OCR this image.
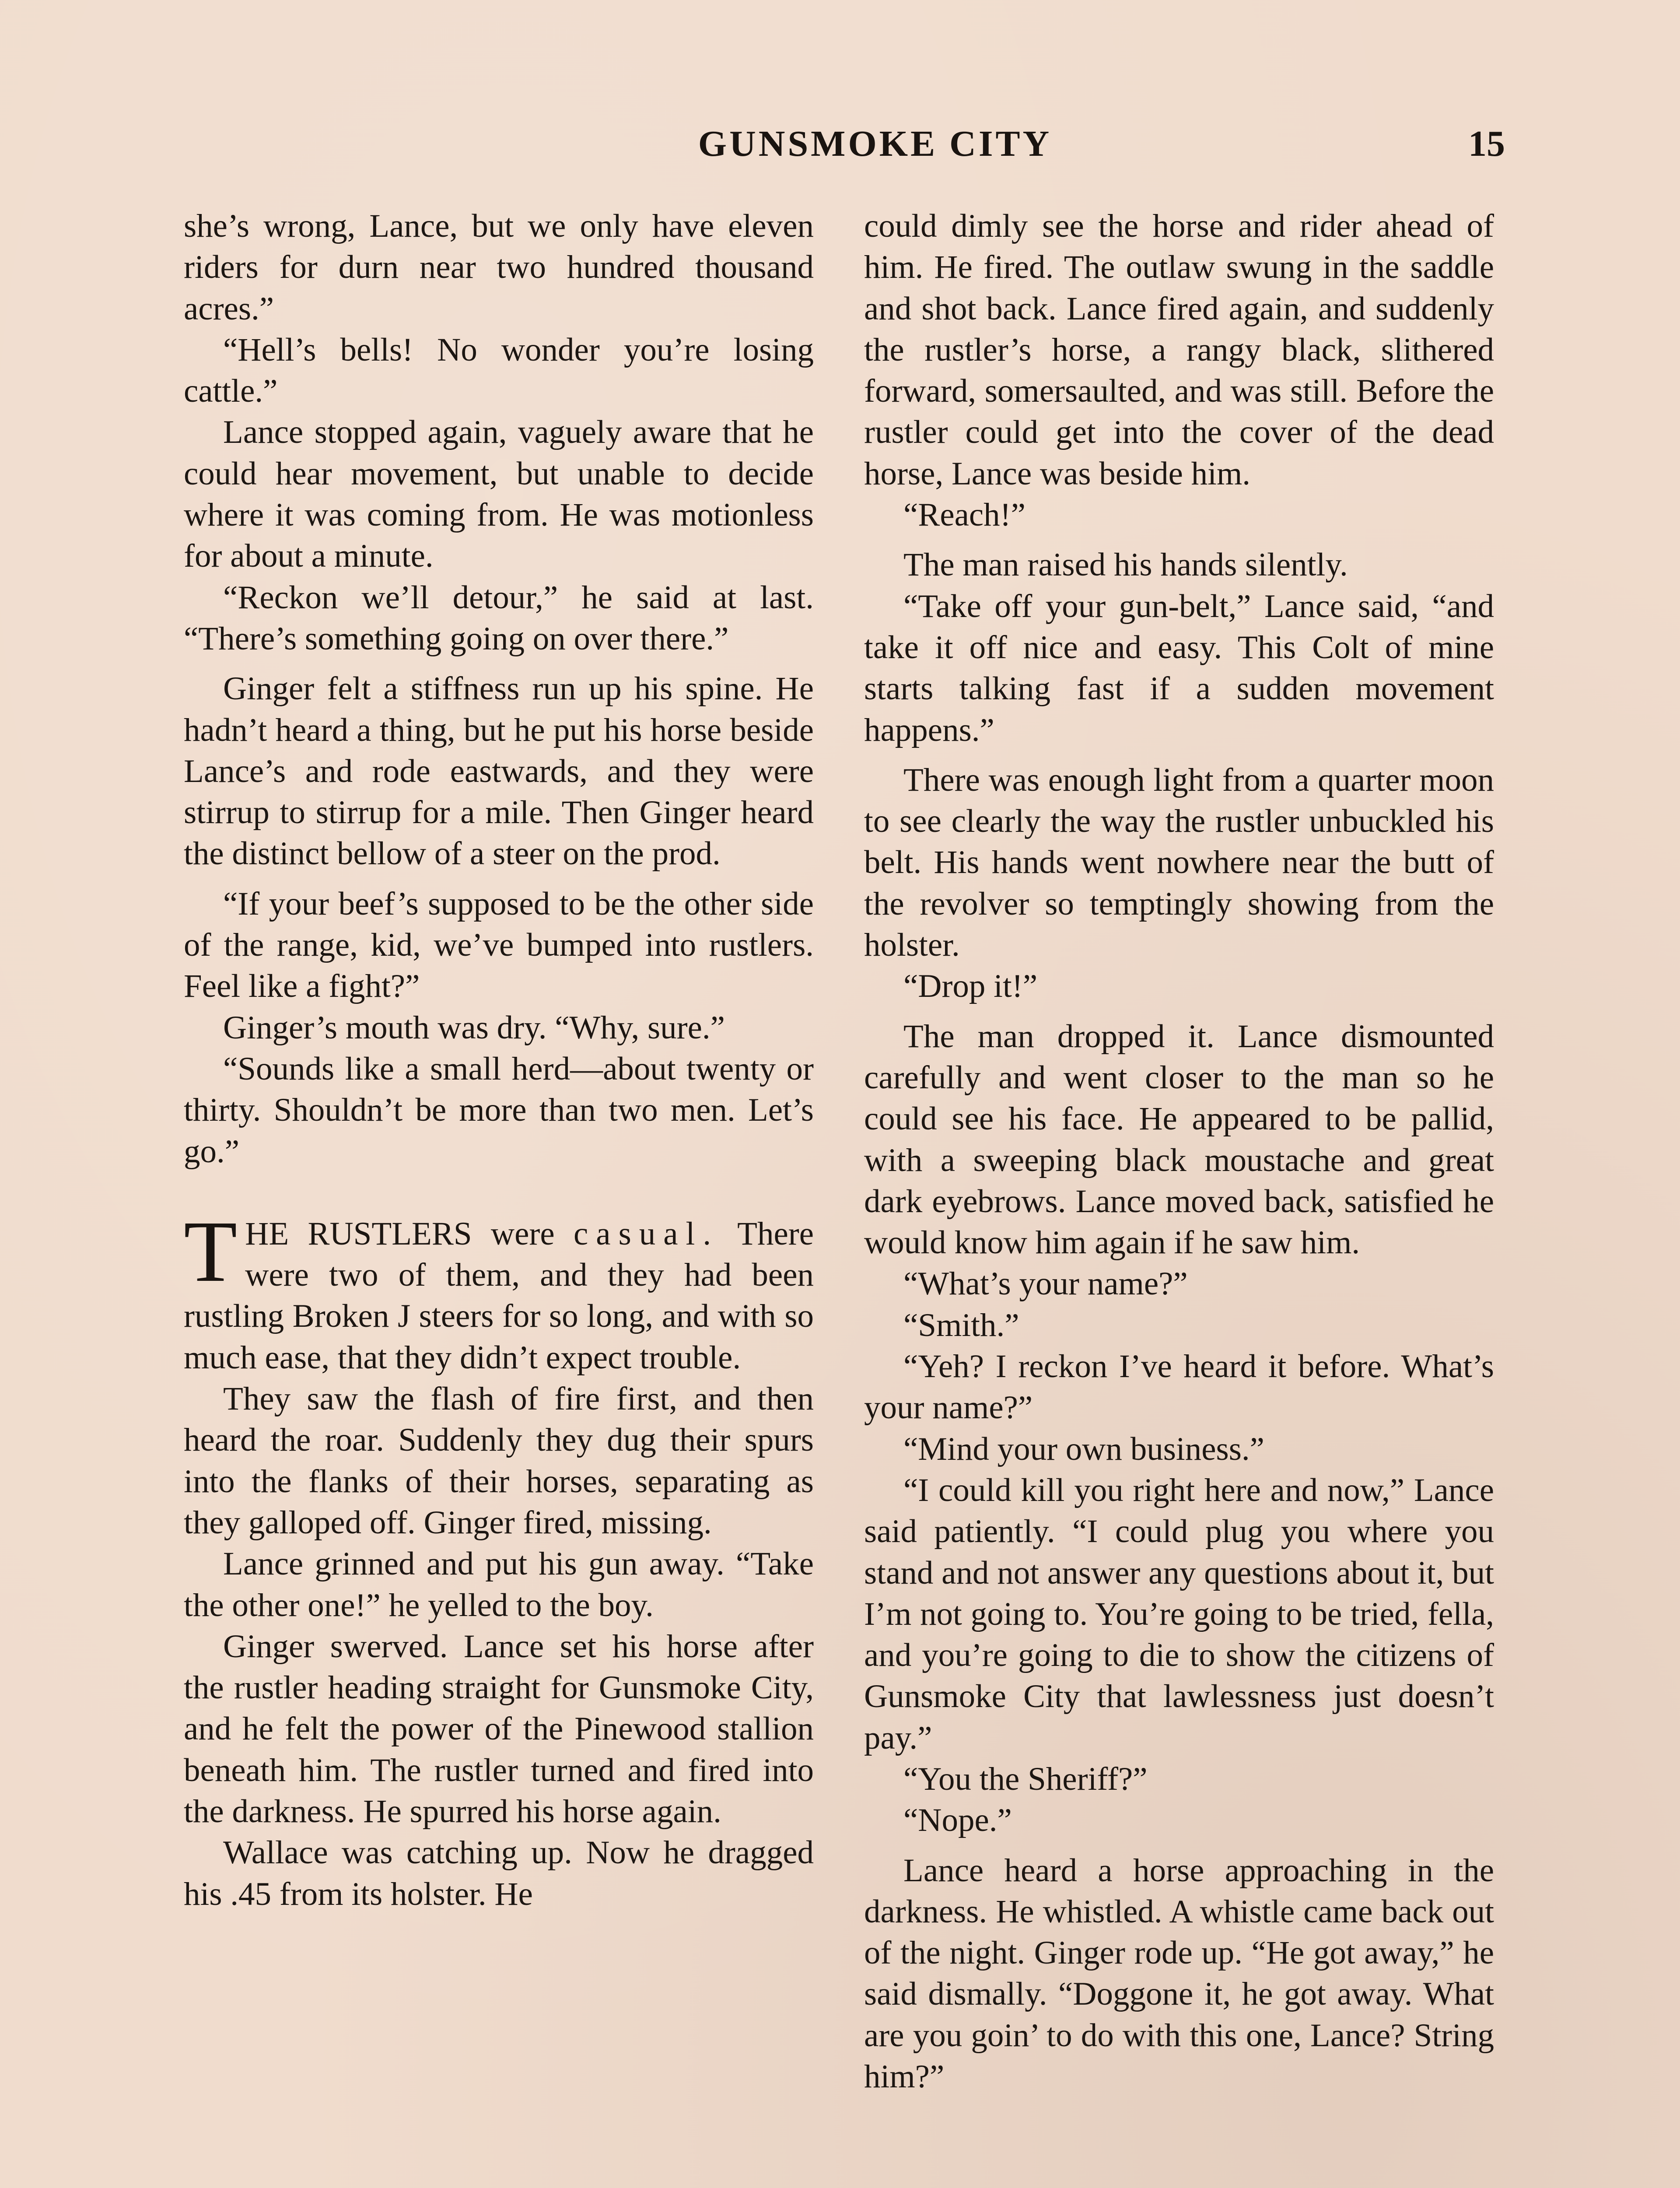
GUNSMOKE CITY	15

she’s wrong, Lance, but we only have eleven riders for durn near two hundred thousand acres.”

“Hell’s bells! No wonder you’re losing cattle.”

Lance stopped again, vaguely aware that he could hear movement, but unable to decide where it was coming from. He was motionless for about a minute.

“Reckon we’ll detour,” he said at last. “There’s something going on over there.”

Ginger felt a stiffness run up his spine. He hadn’t heard a thing, but he put his horse beside Lance’s and rode eastwards, and they were stirrup to stirrup for a mile. Then Ginger heard the distinct bellow of a steer on the prod.

“If your beef’s supposed to be the other side of the range, kid, we’ve bumped into rustlers. Feel like a fight?”

Ginger’s mouth was dry. “Why, sure.”

“Sounds like a small herd—about twenty or thirty. Shouldn’t be more than two men. Let’s go.”

THE RUSTLERS were casual. There were two of them, and they had been rustling Broken J steers for so long, and with so much ease, that they didn’t expect trouble.

They saw the flash of fire first, and then heard the roar. Suddenly they dug their spurs into the flanks of their horses, separating as they galloped off. Ginger fired, missing.

Lance grinned and put his gun away. “Take the other one!” he yelled to the boy.

Ginger swerved. Lance set his horse after the rustler heading straight for Gunsmoke City, and he felt the power of the Pinewood stallion beneath him. The rustler turned and fired into the darkness. He spurred his horse again.

Wallace was catching up. Now he dragged his .45 from its holster. He

could dimly see the horse and rider ahead of him. He fired. The outlaw swung in the saddle and shot back. Lance fired again, and suddenly the rustler’s horse, a rangy black, slithered forward, somersaulted, and was still. Before the rustler could get into the cover of the dead horse, Lance was beside him.

“Reach!”

The man raised his hands silently.

“Take off your gun-belt,” Lance said, “and take it off nice and easy. This Colt of mine starts talking fast if a sudden movement happens.”

There was enough light from a quarter moon to see clearly the way the rustler unbuckled his belt. His hands went nowhere near the butt of the revolver so temptingly showing from the holster.

“Drop it!”

The man dropped it. Lance dismounted carefully and went closer to the man so he could see his face. He appeared to be pallid, with a sweeping black moustache and great dark eyebrows. Lance moved back, satisfied he would know him again if he saw him.

“What’s your name?”

“Smith.”

“Yeh? I reckon I’ve heard it before. What’s your name?”

“Mind your own business.”

“I could kill you right here and now,” Lance said patiently. “I could plug you where you stand and not answer any questions about it, but I’m not going to. You’re going to be tried, fella, and you’re going to die to show the citizens of Gunsmoke City that lawlessness just doesn’t pay.”

“You the Sheriff?”

“Nope.”

Lance heard a horse approaching in the darkness. He whistled. A whistle came back out of the night. Ginger rode up. “He got away,” he said dismally. “Doggone it, he got away. What are you goin’ to do with this one, Lance? String him?”
